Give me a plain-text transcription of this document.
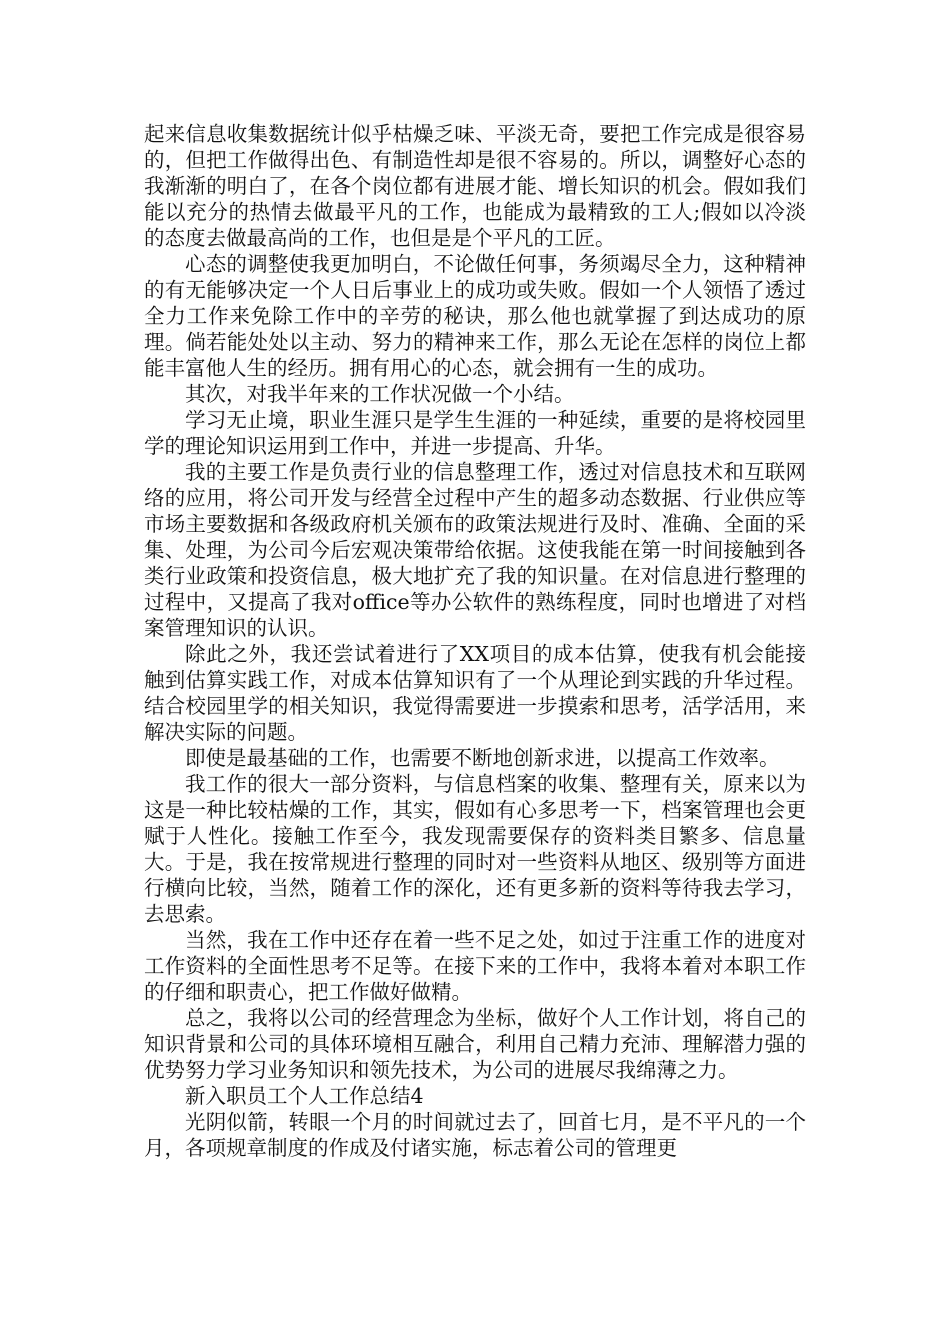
起来信息收集数据统计似乎枯燥乏味、平淡无奇，要把工作完成是很容易的，但把工作做得出色、有制造性却是很不容易的。所以，调整好心态的我渐渐的明白了，在各个岗位都有进展才能、增长知识的机会。假如我们能以充分的热情去做最平凡的工作，也能成为最精致的工人;假如以冷淡的态度去做最高尚的工作，也但是是个平凡的工匠。

心态的调整使我更加明白，不论做任何事，务须竭尽全力，这种精神的有无能够决定一个人日后事业上的成功或失败。假如一个人领悟了透过全力工作来免除工作中的辛劳的秘诀，那么他也就掌握了到达成功的原理。倘若能处处以主动、努力的精神来工作，那么无论在怎样的岗位上都能丰富他人生的经历。拥有用心的心态，就会拥有一生的成功。

其次，对我半年来的工作状况做一个小结。

学习无止境，职业生涯只是学生生涯的一种延续，重要的是将校园里学的理论知识运用到工作中，并进一步提高、升华。

我的主要工作是负责行业的信息整理工作，透过对信息技术和互联网络的应用，将公司开发与经营全过程中产生的超多动态数据、行业供应等市场主要数据和各级政府机关颁布的政策法规进行及时、准确、全面的采集、处理，为公司今后宏观决策带给依据。这使我能在第一时间接触到各类行业政策和投资信息，极大地扩充了我的知识量。在对信息进行整理的过程中，又提高了我对office等办公软件的熟练程度，同时也增进了对档案管理知识的认识。

除此之外，我还尝试着进行了XX项目的成本估算，使我有机会能接触到估算实践工作，对成本估算知识有了一个从理论到实践的升华过程。结合校园里学的相关知识，我觉得需要进一步摸索和思考，活学活用，来解决实际的问题。

即使是最基础的工作，也需要不断地创新求进，以提高工作效率。

我工作的很大一部分资料，与信息档案的收集、整理有关，原来以为这是一种比较枯燥的工作，其实，假如有心多思考一下，档案管理也会更赋于人性化。接触工作至今，我发现需要保存的资料类目繁多、信息量大。于是，我在按常规进行整理的同时对一些资料从地区、级别等方面进行横向比较，当然，随着工作的深化，还有更多新的资料等待我去学习，去思索。

当然，我在工作中还存在着一些不足之处，如过于注重工作的进度对工作资料的全面性思考不足等。在接下来的工作中，我将本着对本职工作的仔细和职责心，把工作做好做精。

总之，我将以公司的经营理念为坐标，做好个人工作计划，将自己的知识背景和公司的具体环境相互融合，利用自己精力充沛、理解潜力强的优势努力学习业务知识和领先技术，为公司的进展尽我绵薄之力。

新入职员工个人工作总结4

光阴似箭，转眼一个月的时间就过去了，回首七月，是不平凡的一个月，各项规章制度的作成及付诸实施，标志着公司的管理更
